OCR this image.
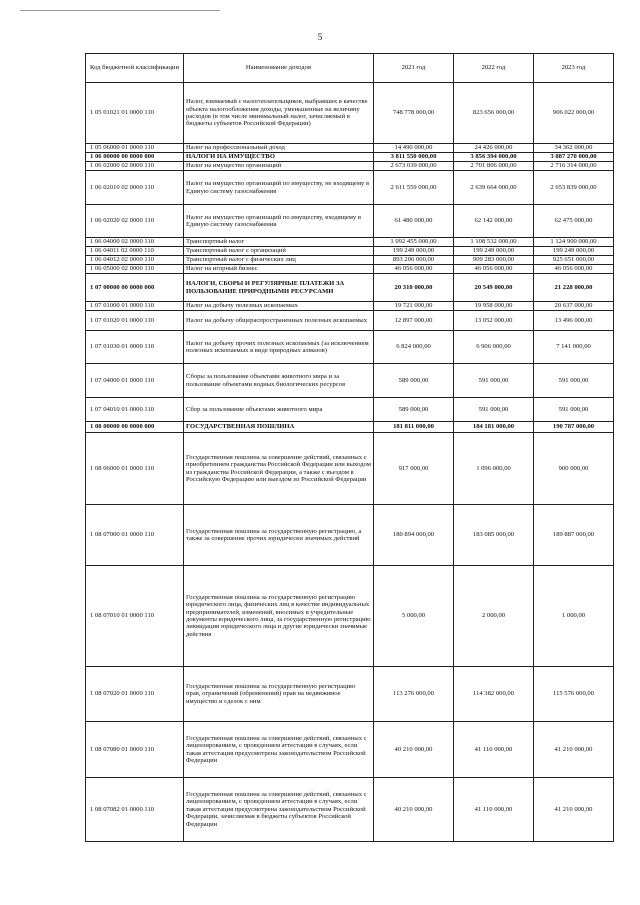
5
Код бюджетной классификации	Наименование доходов	2021 год	2022 год	2023 год
1 05 01021 01 0000 110	Налог, взимаемый с налогоплательщиков, выбравших в качестве объекта налогообложения доходы, уменьшенные на величину расходов (в том числе минимальный налог, зачисляемый в бюджеты субъектов Российской Федерации)	748 778 000,00	823 656 000,00	906 022 000,00
1 05 06000 01 0000 110	Налог на профессиональный доход	14 490 000,00	24 426 000,00	34 362 000,00
1 06 00000 00 0000 000	НАЛОГИ НА ИМУЩЕСТВО	3 811 550 000,00	3 856 394 000,00	3 887 270 000,00
1 06 02000 02 0000 110	Налог на имущество организаций	2 673 039 000,00	2 701 806 000,00	2 716 314 000,00
1 06 02010 02 0000 110	Налог на имущество организаций по имуществу, не входящему в Единую систему газоснабжения	2 611 559 000,00	2 639 664 000,00	2 653 839 000,00
1 06 02020 02 0000 110	Налог на имущество организаций по имуществу, входящему в Единую систему газоснабжения	61 480 000,00	62 142 000,00	62 475 000,00
1 06 04000 02 0000 110	Транспортный налог	1 092 455 000,00	1 108 532 000,00	1 124 900 000,00
1 06 04011 02 0000 110	Транспортный налог с организаций	199 249 000,00	199 249 000,00	199 249 000,00
1 06 04012 02 0000 110	Транспортный налог с физических лиц	893 206 000,00	909 283 000,00	925 651 000,00
1 06 05000 02 0000 110	Налог на игорный бизнес	46 056 000,00	46 056 000,00	46 056 000,00
1 07 00000 00 0000 000	НАЛОГИ, СБОРЫ И РЕГУЛЯРНЫЕ ПЛАТЕЖИ ЗА ПОЛЬЗОВАНИЕ ПРИРОДНЫМИ РЕСУРСАМИ	20 310 000,00	20 549 000,00	21 228 000,00
1 07 01000 01 0000 110	Налог на добычу полезных ископаемых	19 721 000,00	19 958 000,00	20 637 000,00
1 07 01020 01 0000 110	Налог на добычу общераспространенных полезных ископаемых	12 897 000,00	13 052 000,00	13 496 000,00
1 07 01030 01 0000 110	Налог на добычу прочих полезных ископаемых (за исключением полезных ископаемых в виде природных алмазов)	6 824 000,00	6 906 000,00	7 141 000,00
1 07 04000 01 0000 110	Сборы за пользование объектами животного мира и за пользование объектами водных биологических ресурсов	589 000,00	591 000,00	591 000,00
1 07 04010 01 0000 110	Сбор за пользование объектами животного мира	589 000,00	591 000,00	591 000,00
1 08 00000 00 0000 000	ГОСУДАРСТВЕННАЯ ПОШЛИНА	181 811 000,00	184 181 000,00	190 787 000,00
1 08 06000 01 0000 110	Государственная пошлина за совершение действий, связанных с приобретением гражданства Российской Федерации или выходом из гражданства Российской Федерации, а также с въездом в Российскую Федерацию или выездом из Российской Федерации	917 000,00	1 096 000,00	900 000,00
1 08 07000 01 0000 110	Государственная пошлина за государственную регистрацию, а также за совершение прочих юридически значимых действий	180 894 000,00	183 085 000,00	189 887 000,00
1 08 07010 01 0000 110	Государственная пошлина за государственную регистрацию юридического лица, физических лиц в качестве индивидуальных предпринимателей, изменений, вносимых в учредительные документы юридического лица, за государственную регистрацию ликвидации юридического лица и другие юридически значимые действия	5 000,00	2 000,00	1 000,00
1 08 07020 01 0000 110	Государственная пошлина за государственную регистрацию прав, ограничений (обременений) прав на недвижимое имущество и сделок с ним	113 276 000,00	114 382 000,00	115 576 000,00
1 08 07080 01 0000 110	Государственная пошлина за совершение действий, связанных с лицензированием, с проведением аттестации в случаях, если такая аттестация предусмотрена законодательством Российской Федерации	40 210 000,00	41 110 000,00	41 210 000,00
1 08 07082 01 0000 110	Государственная пошлина за совершение действий, связанных с лицензированием, с проведением аттестации в случаях, если такая аттестация предусмотрена законодательством Российской Федерации, зачисляемая в бюджеты субъектов Российской Федерации	40 210 000,00	41 110 000,00	41 210 000,00
